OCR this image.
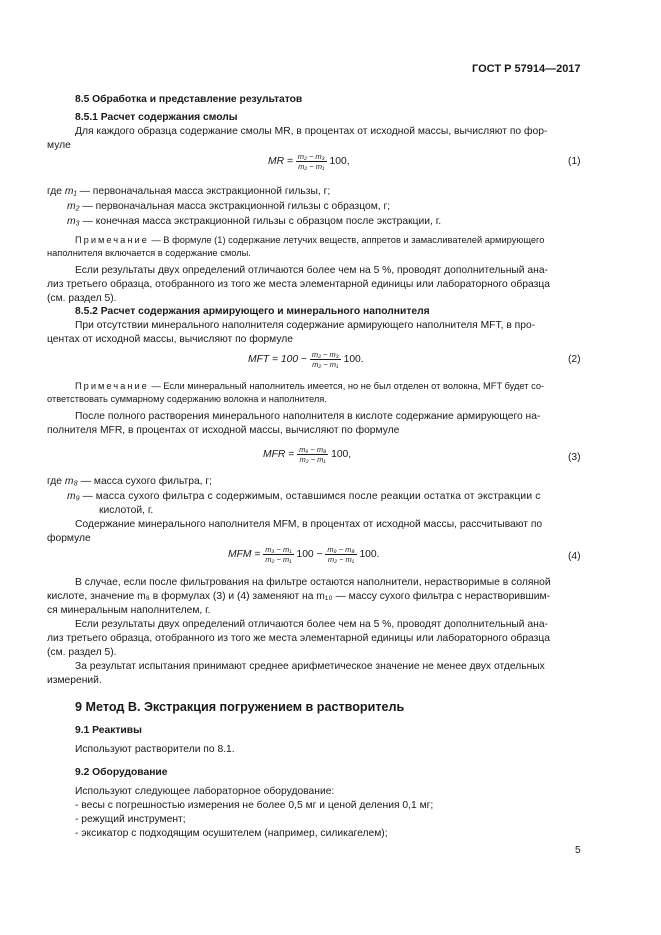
ГОСТ Р 57914—2017
8.5 Обработка и представление результатов
8.5.1 Расчет содержания смолы
Для каждого образца содержание смолы MR, в процентах от исходной массы, вычисляют по фор-
муле
MR = $\frac{\text{m₂ − m₃}}{\text{m₂ − m₁}} 100$,	(1)
где m₁ — первоначальная масса экстракционной гильзы, г;
m₂ — первоначальная масса экстракционной гильзы с образцом, г;
m₃ — конечная масса экстракционной гильзы с образцом после экстракции, г.
Примечание — В формуле (1) содержание летучих веществ, аппретов и замасливателей армирующего
наполнителя включается в содержание смолы.
Если результаты двух определений отличаются более чем на 5 %, проводят дополнительный ана-
лиз третьего образца, отобранного из того же места элементарной единицы или лабораторного образца
(см. раздел 5).
8.5.2 Расчет содержания армирующего и минерального наполнителя
При отсутствии минерального наполнителя содержание армирующего наполнителя MFT, в про-
центах от исходной массы, вычисляют по формуле
MFT = $100 - \frac{\text{m₂ − m₃}}{\text{m₂ − m₁}} 100$.	(2)
Примечание — Если минеральный наполнитель имеется, но не был отделен от волокна, MFT будет со-
ответствовать суммарному содержанию волокна и наполнителя.
После полного растворения минерального наполнителя в кислоте содержание армирующего на-
полнителя MFR, в процентах от исходной массы, вычисляют по формуле
MFR = $\frac{\text{m₉ − m₈}}{\text{m₂ − m₁}} 100$,	(3)
где m₈ — масса сухого фильтра, г;
m₉ — масса сухого фильтра с содержимым, оставшимся после реакции остатка от экстракции с
кислотой, г.
Содержание минерального наполнителя MFM, в процентах от исходной массы, рассчитывают по
формуле
MFM = $\frac{\text{m₃ − m₁}}{\text{m₂ − m₁}} 100 - \frac{\text{m₉ − m₈}}{\text{m₂ − m₁}} 100$.	(4)
В случае, если после фильтрования на фильтре остаются наполнители, нерастворимые в соляной
кислоте, значение m₈ в формулах (3) и (4) заменяют на m₁₀ — массу сухого фильтра с нерастворившим-
ся минеральным наполнителем, г.
Если результаты двух определений отличаются более чем на 5 %, проводят дополнительный ана-
лиз третьего образца, отобранного из того же места элементарной единицы или лабораторного образца
(см. раздел 5).
За результат испытания принимают среднее арифметическое значение не менее двух отдельных
измерений.
9 Метод В. Экстракция погружением в растворитель
9.1 Реактивы
Используют растворители по 8.1.
9.2 Оборудование
Используют следующее лабораторное оборудование:
- весы с погрешностью измерения не более 0,5 мг и ценой деления 0,1 мг;
- режущий инструмент;
- эксикатор с подходящим осушителем (например, силикагелем);
5
